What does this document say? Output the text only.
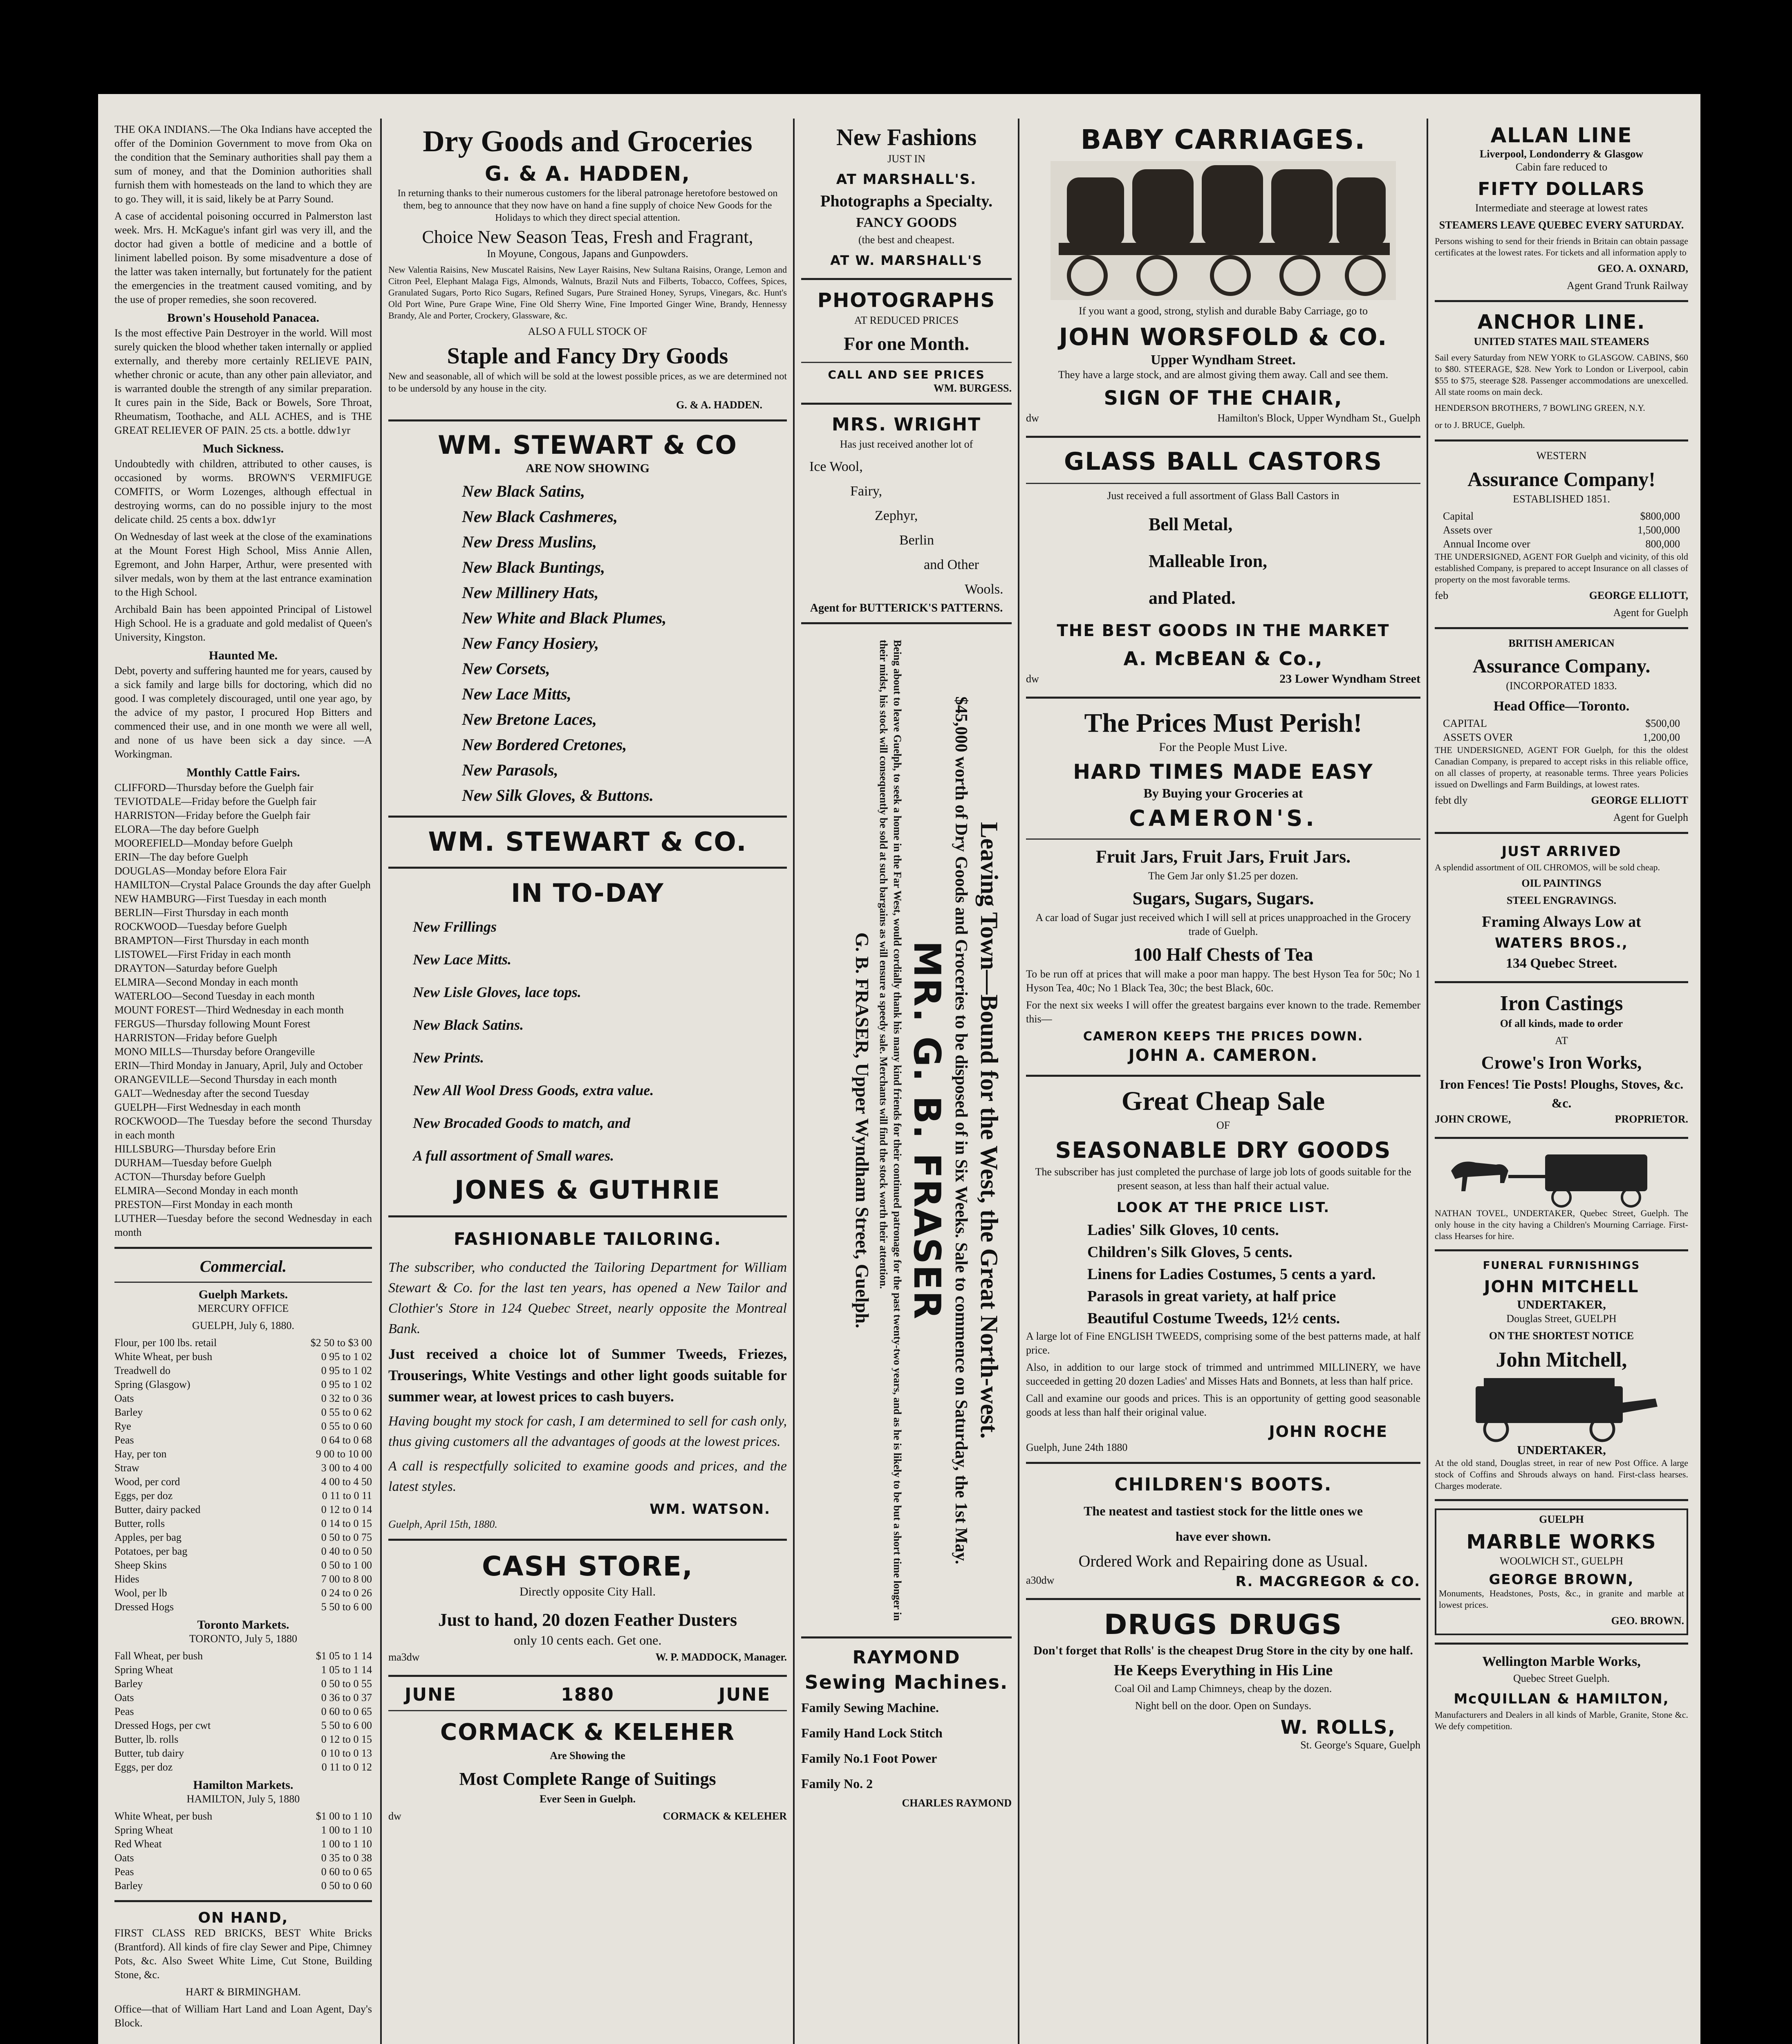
THE OKA INDIANS.—The Oka Indians have accepted the offer of the Dominion Government to move from Oka on the condition that the Seminary authorities shall pay them a sum of money, and that the Dominion authorities shall furnish them with homesteads on the land to which they are to go. They will, it is said, likely be at Parry Sound.

A case of accidental poisoning occurred in Palmerston last week. Mrs. H. McKague's infant girl was very ill, and the doctor had given a bottle of medicine and a bottle of liniment labelled poison. By some misadventure a dose of the latter was taken internally, but fortunately for the patient the emergencies in the treatment caused vomiting, and by the use of proper remedies, she soon recovered.

Brown's Household Panacea.

Is the most effective Pain Destroyer in the world. Will most surely quicken the blood whether taken internally or applied externally, and thereby more certainly RELIEVE PAIN, whether chronic or acute, than any other pain alleviator, and is warranted double the strength of any similar preparation. It cures pain in the Side, Back or Bowels, Sore Throat, Rheumatism, Toothache, and ALL ACHES, and is THE GREAT RELIEVER OF PAIN. 25 cts. a bottle. ddw1yr

Much Sickness.

Undoubtedly with children, attributed to other causes, is occasioned by worms. BROWN'S VERMIFUGE COMFITS, or Worm Lozenges, although effectual in destroying worms, can do no possible injury to the most delicate child. 25 cents a box. ddw1yr

On Wednesday of last week at the close of the examinations at the Mount Forest High School, Miss Annie Allen, Egremont, and John Harper, Arthur, were presented with silver medals, won by them at the last entrance examination to the High School.

Archibald Bain has been appointed Principal of Listowel High School. He is a graduate and gold medalist of Queen's University, Kingston.

Haunted Me.

Debt, poverty and suffering haunted me for years, caused by a sick family and large bills for doctoring, which did no good. I was completely discouraged, until one year ago, by the advice of my pastor, I procured Hop Bitters and commenced their use, and in one month we were all well, and none of us have been sick a day since. —A Workingman.

Monthly Cattle Fairs.
CLIFFORD—Thursday before the Guelph fair
TEVIOTDALE—Friday before the Guelph fair
HARRISTON—Friday before the Guelph fair
ELORA—The day before Guelph
MOOREFIELD—Monday before Guelph
ERIN—The day before Guelph
DOUGLAS—Monday before Elora Fair
HAMILTON—Crystal Palace Grounds the day after Guelph
NEW HAMBURG—First Tuesday in each month
BERLIN—First Thursday in each month
ROCKWOOD—Tuesday before Guelph
BRAMPTON—First Thursday in each month
LISTOWEL—First Friday in each month
DRAYTON—Saturday before Guelph
ELMIRA—Second Monday in each month
WATERLOO—Second Tuesday in each month
MOUNT FOREST—Third Wednesday in each month
FERGUS—Thursday following Mount Forest
HARRISTON—Friday before Guelph
MONO MILLS—Thursday before Orangeville
ERIN—Third Monday in January, April, July and October
ORANGEVILLE—Second Thursday in each month
GALT—Wednesday after the second Tuesday
GUELPH—First Wednesday in each month
ROCKWOOD—The Tuesday before the second Thursday in each month
HILLSBURG—Thursday before Erin
DURHAM—Tuesday before Guelph
ACTON—Thursday before Guelph
ELMIRA—Second Monday in each month
PRESTON—First Monday in each month
LUTHER—Tuesday before the second Wednesday in each month
Commercial.
Guelph Markets.
MERCURY OFFICE
GUELPH, July 6, 1880.
Flour, per 100 lbs. retail	$2 50 to $3 00
White Wheat, per bush	0 95 to 1 02
Treadwell do	0 95 to 1 02
Spring (Glasgow)	0 95 to 1 02
Oats	0 32 to 0 36
Barley	0 55 to 0 62
Rye	0 55 to 0 60
Peas	0 64 to 0 68
Hay, per ton	9 00 to 10 00
Straw	3 00 to 4 00
Wood, per cord	4 00 to 4 50
Eggs, per doz	0 11 to 0 11
Butter, dairy packed	0 12 to 0 14
Butter, rolls	0 14 to 0 15
Apples, per bag	0 50 to 0 75
Potatoes, per bag	0 40 to 0 50
Sheep Skins	0 50 to 1 00
Hides	7 00 to 8 00
Wool, per lb	0 24 to 0 26
Dressed Hogs	5 50 to 6 00
Toronto Markets.
TORONTO, July 5, 1880
Fall Wheat, per bush	$1 05 to 1 14
Spring Wheat	1 05 to 1 14
Barley	0 50 to 0 55
Oats	0 36 to 0 37
Peas	0 60 to 0 65
Dressed Hogs, per cwt	5 50 to 6 00
Butter, lb. rolls	0 12 to 0 15
Butter, tub dairy	0 10 to 0 13
Eggs, per doz	0 11 to 0 12
Hamilton Markets.
HAMILTON, July 5, 1880
White Wheat, per bush	$1 00 to 1 10
Spring Wheat	1 00 to 1 10
Red Wheat	1 00 to 1 10
Oats	0 35 to 0 38
Peas	0 60 to 0 65
Barley	0 50 to 0 60
ON HAND,

FIRST CLASS RED BRICKS, BEST White Bricks (Brantford). All kinds of fire clay Sewer and Pipe, Chimney Pots, &c. Also Sweet White Lime, Cut Stone, Building Stone, &c.

HART & BIRMINGHAM.

Office—that of William Hart Land and Loan Agent, Day's Block.

Dry Goods and Groceries
G. & A. HADDEN,

In returning thanks to their numerous customers for the liberal patronage heretofore bestowed on them, beg to announce that they now have on hand a fine supply of choice New Goods for the Holidays to which they direct special attention.

Choice New Season Teas, Fresh and Fragrant,
In Moyune, Congous, Japans and Gunpowders.

New Valentia Raisins, New Muscatel Raisins, New Layer Raisins, New Sultana Raisins, Orange, Lemon and Citron Peel, Elephant Malaga Figs, Almonds, Walnuts, Brazil Nuts and Filberts, Tobacco, Coffees, Spices, Granulated Sugars, Porto Rico Sugars, Refined Sugars, Pure Strained Honey, Syrups, Vinegars, &c. Hunt's Old Port Wine, Pure Grape Wine, Fine Old Sherry Wine, Fine Imported Ginger Wine, Brandy, Hennessy Brandy, Ale and Porter, Crockery, Glassware, &c.

ALSO A FULL STOCK OF
Staple and Fancy Dry Goods

New and seasonable, all of which will be sold at the lowest possible prices, as we are determined not to be undersold by any house in the city.

G. & A. HADDEN.
WM. STEWART & CO
ARE NOW SHOWING
New Black Satins,
New Black Cashmeres,
New Dress Muslins,
New Black Buntings,
New Millinery Hats,
New White and Black Plumes,
New Fancy Hosiery,
New Corsets,
New Lace Mitts,
New Bretone Laces,
New Bordered Cretones,
New Parasols,
New Silk Gloves, & Buttons.
WM. STEWART & CO.
IN TO-DAY
New Frillings
New Lace Mitts.
New Lisle Gloves, lace tops.
New Black Satins.
New Prints.
New All Wool Dress Goods, extra value.
New Brocaded Goods to match, and
A full assortment of Small wares.
JONES & GUTHRIE
FASHIONABLE TAILORING.

The subscriber, who conducted the Tailoring Department for William Stewart & Co. for the last ten years, has opened a New Tailor and Clothier's Store in 124 Quebec Street, nearly opposite the Montreal Bank.

Just received a choice lot of Summer Tweeds, Friezes, Trouserings, White Vestings and other light goods suitable for summer wear, at lowest prices to cash buyers.

Having bought my stock for cash, I am determined to sell for cash only, thus giving customers all the advantages of goods at the lowest prices.

A call is respectfully solicited to examine goods and prices, and the latest styles.

WM. WATSON.
Guelph, April 15th, 1880.
CASH STORE,
Directly opposite City Hall.
Just to hand, 20 dozen Feather Dusters
only 10 cents each. Get one.
ma3dw	W. P. MADDOCK, Manager.
JUNE	1880	JUNE
CORMACK & KELEHER
Are Showing the
Most Complete Range of Suitings
Ever Seen in Guelph.
dw	CORMACK & KELEHER
New Fashions
JUST IN
AT MARSHALL'S.
Photographs a Specialty.
FANCY GOODS
(the best and cheapest.
AT W. MARSHALL'S
PHOTOGRAPHS
AT REDUCED PRICES
For one Month.
CALL AND SEE PRICES
WM. BURGESS.
MRS. WRIGHT
Has just received another lot of
Ice Wool,
Fairy,
Zephyr,
Berlin
and Other
Wools.
Agent for BUTTERICK'S PATTERNS.
Leaving Town—Bound for the West, the Great North-west.
$45,000 worth of Dry Goods and Groceries to be disposed of in Six Weeks. Sale to commence on Saturday, the 1st May.
MR. G. B. FRASER
Being about to leave Guelph, to seek a home in the Far West, would cordially thank his many kind friends for their continued patronage for the past twenty-two years, and as he is likely to be but a short time longer in their midst, his stock will consequently be sold at such bargains as will ensure a speedy sale. Merchants will find the stock worth their attention.
G. B. FRASER, Upper Wyndham Street, Guelph.
RAYMOND
Sewing Machines.
Family Sewing Machine.
Family Hand Lock Stitch
Family No.1 Foot Power
Family No. 2
CHARLES RAYMOND
BABY CARRIAGES.
If you want a good, strong, stylish and durable Baby Carriage, go to
JOHN WORSFOLD & CO.
Upper Wyndham Street.

They have a large stock, and are almost giving them away. Call and see them.

SIGN OF THE CHAIR,
dw	Hamilton's Block, Upper Wyndham St., Guelph
GLASS BALL CASTORS
Just received a full assortment of Glass Ball Castors in
Bell Metal,
Malleable Iron,
and Plated.
THE BEST GOODS IN THE MARKET
A. McBEAN & Co.,
dw	23 Lower Wyndham Street
The Prices Must Perish!
For the People Must Live.
HARD TIMES MADE EASY
By Buying your Groceries at
CAMERON'S.
Fruit Jars, Fruit Jars, Fruit Jars.
The Gem Jar only $1.25 per dozen.
Sugars, Sugars, Sugars.

A car load of Sugar just received which I will sell at prices unapproached in the Grocery trade of Guelph.

100 Half Chests of Tea

To be run off at prices that will make a poor man happy. The best Hyson Tea for 50c; No 1 Hyson Tea, 40c; No 1 Black Tea, 30c; the best Black, 60c.

For the next six weeks I will offer the greatest bargains ever known to the trade. Remember this—

CAMERON KEEPS THE PRICES DOWN.
JOHN A. CAMERON.
Great Cheap Sale
OF
SEASONABLE DRY GOODS

The subscriber has just completed the purchase of large job lots of goods suitable for the present season, at less than half their actual value.

LOOK AT THE PRICE LIST.
Ladies' Silk Gloves, 10 cents.
Children's Silk Gloves, 5 cents.
Linens for Ladies Costumes, 5 cents a yard.
Parasols in great variety, at half price
Beautiful Costume Tweeds, 12½ cents.

A large lot of Fine ENGLISH TWEEDS, comprising some of the best patterns made, at half price.

Also, in addition to our large stock of trimmed and untrimmed MILLINERY, we have succeeded in getting 20 dozen Ladies' and Misses Hats and Bonnets, at less than half price.

Call and examine our goods and prices. This is an opportunity of getting good seasonable goods at less than half their original value.

JOHN ROCHE
Guelph, June 24th 1880
CHILDREN'S BOOTS.
The neatest and tastiest stock for the little ones we
have ever shown.
Ordered Work and Repairing done as Usual.
a30dw	R. MACGREGOR & CO.
DRUGS DRUGS
Don't forget that Rolls' is the cheapest Drug Store in the city by one half.
He Keeps Everything in His Line
Coal Oil and Lamp Chimneys, cheap by the dozen.
Night bell on the door. Open on Sundays.
W. ROLLS,
St. George's Square, Guelph
ALLAN LINE
Liverpool, Londonderry & Glasgow
Cabin fare reduced to
FIFTY DOLLARS
Intermediate and steerage at lowest rates
STEAMERS LEAVE QUEBEC EVERY SATURDAY.

Persons wishing to send for their friends in Britain can obtain passage certificates at the lowest rates. For tickets and all information apply to

GEO. A. OXNARD,
Agent Grand Trunk Railway
ANCHOR LINE.
UNITED STATES MAIL STEAMERS

Sail every Saturday from NEW YORK to GLASGOW. CABINS, $60 to $80. STEERAGE, $28. New York to London or Liverpool, cabin $55 to $75, steerage $28. Passenger accommodations are unexcelled. All state rooms on main deck.

HENDERSON BROTHERS, 7 BOWLING GREEN, N.Y.
or to J. BRUCE, Guelph.
WESTERN
Assurance Company!
ESTABLISHED 1851.
Capital	$800,000
Assets over	1,500,000
Annual Income over	800,000

THE UNDERSIGNED, AGENT FOR Guelph and vicinity, of this old established Company, is prepared to accept Insurance on all classes of property on the most favorable terms.

feb	GEORGE ELLIOTT,
Agent for Guelph
BRITISH AMERICAN
Assurance Company.
(INCORPORATED 1833.
Head Office—Toronto.
CAPITAL	$500,00
ASSETS OVER	1,200,00

THE UNDERSIGNED, AGENT FOR Guelph, for this the oldest Canadian Company, is prepared to accept risks in this reliable office, on all classes of property, at reasonable terms. Three years Policies issued on Dwellings and Farm Buildings, at lowest rates.

febt dly	GEORGE ELLIOTT
Agent for Guelph
JUST ARRIVED

A splendid assortment of OIL CHROMOS, will be sold cheap.

OIL PAINTINGS
STEEL ENGRAVINGS.
Framing Always Low at
WATERS BROS.,
134 Quebec Street.
Iron Castings
Of all kinds, made to order
AT
Crowe's Iron Works,
Iron Fences! Tie Posts! Ploughs, Stoves, &c. &c.
JOHN CROWE,	PROPRIETOR.

NATHAN TOVEL, UNDERTAKER, Quebec Street, Guelph. The only house in the city having a Children's Mourning Carriage. First-class Hearses for hire.

FUNERAL FURNISHINGS
JOHN MITCHELL
UNDERTAKER,
Douglas Street, GUELPH
ON THE SHORTEST NOTICE
John Mitchell,
UNDERTAKER,

At the old stand, Douglas street, in rear of new Post Office. A large stock of Coffins and Shrouds always on hand. First-class hearses. Charges moderate.

GUELPH
MARBLE WORKS
WOOLWICH ST., GUELPH
GEORGE BROWN,

Monuments, Headstones, Posts, &c., in granite and marble at lowest prices.

GEO. BROWN.
Wellington Marble Works,
Quebec Street Guelph.
McQUILLAN & HAMILTON,

Manufacturers and Dealers in all kinds of Marble, Granite, Stone &c. We defy competition.
